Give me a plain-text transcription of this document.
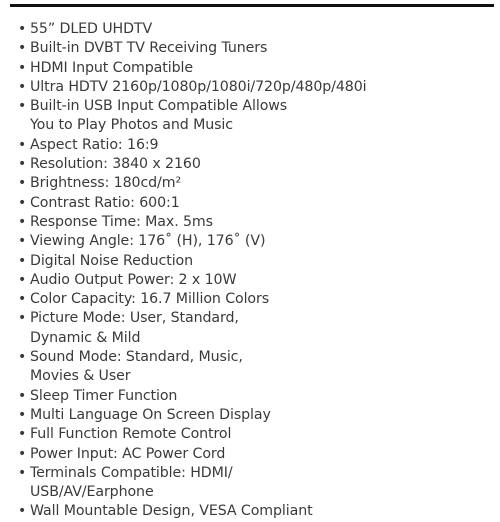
• 55” DLED UHDTV
• Built-in DVBT TV Receiving Tuners
• HDMI Input Compatible
• Ultra HDTV 2160p/1080p/1080i/720p/480p/480i
• Built-in USB Input Compatible Allows
You to Play Photos and Music
• Aspect Ratio: 16:9
• Resolution: 3840 x 2160
• Brightness: 180cd/m²
• Contrast Ratio: 600:1
• Response Time: Max. 5ms
• Viewing Angle: 176˚ (H), 176˚ (V)
• Digital Noise Reduction
• Audio Output Power: 2 x 10W
• Color Capacity: 16.7 Million Colors
• Picture Mode: User, Standard,
Dynamic & Mild
• Sound Mode: Standard, Music,
Movies & User
• Sleep Timer Function
• Multi Language On Screen Display
• Full Function Remote Control
• Power Input: AC Power Cord
• Terminals Compatible: HDMI/
USB/AV/Earphone
• Wall Mountable Design, VESA Compliant
